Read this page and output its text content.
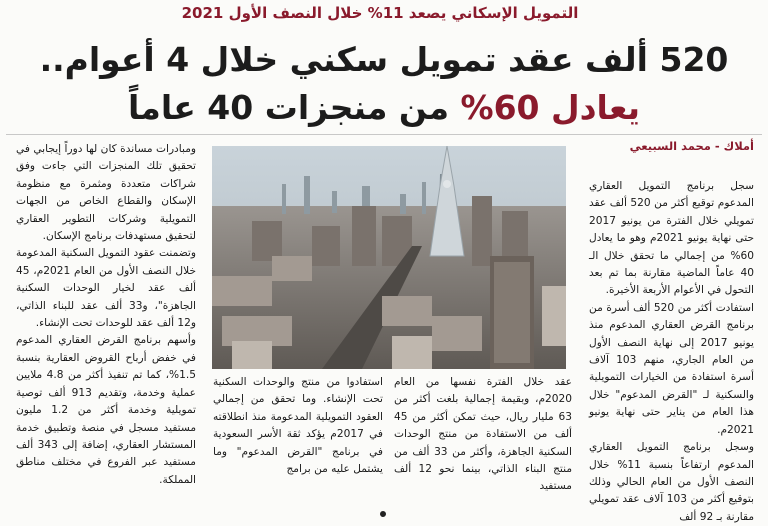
التمويل الإسكاني يصعد 11% خلال النصف الأول 2021
520 ألف عقد تمويل سكني خلال 4 أعوام..
يعادل 60% من منجزات 40 عاماً
أملاك - محمد السبيعي

سجل برنامج التمويل العقاري المدعوم توقيع أكثر من 520 ألف عقد تمويلي خلال الفترة من يونيو 2017 حتى نهاية يونيو 2021م وهو ما يعادل 60% من إجمالي ما تحقق خلال الـ 40 عاماً الماضية مقارنة بما تم بعد التحول في الأعوام الأربعة الأخيرة.

استفادت أكثر من 520 ألف أسرة من برنامج القرض العقاري المدعوم منذ يونيو 2017 إلى نهاية النصف الأول من العام الجاري، منهم 103 آلاف أسرة استفادة من الخيارات التمويلية والسكنية لـ "القرض المدعوم" خلال هذا العام من يناير حتى نهاية يونيو 2021م.

وسجل برنامج التمويل العقاري المدعوم ارتفاعاً بنسبة 11% خلال النصف الأول من العام الحالي وذلك بتوقيع أكثر من 103 آلاف عقد تمويلي مقارنة بـ 92 ألف

عقد خلال الفترة نفسها من العام 2020م، وبقيمة إجمالية بلغت أكثر من 63 مليار ريال، حيث تمكن أكثر من 45 ألف من الاستفادة من منتج الوحدات السكنية الجاهزة، وأكثر من 33 ألف من منتج البناء الذاتي، بينما نحو 12 ألف مستفيد

استفادوا من منتج والوحدات السكنية تحت الإنشاء. وما تحقق من إجمالي العقود التمويلية المدعومة منذ انطلاقته في 2017م يؤكد ثقة الأسر السعودية في برنامج "القرض المدعوم" وما يشتمل عليه من برامج

ومبادرات مساندة كان لها دوراً إيجابي في تحقيق تلك المنجزات التي جاءت وفق شراكات متعددة ومثمرة مع منظومة الإسكان والقطاع الخاص من الجهات التمويلية وشركات التطوير العقاري لتحقيق مستهدفات برنامج الإسكان.

وتضمنت عقود التمويل السكنية المدعومة خلال النصف الأول من العام 2021م، 45 ألف عقد لخيار الوحدات السكنية الجاهزة"، و33 ألف عقد للبناء الذاتي، و12 ألف عقد للوحدات تحت الإنشاء.

وأسهم برنامج القرض العقاري المدعوم في خفض أرباح القروض العقارية بنسبة 1.5%، كما تم تنفيذ أكثر من 4.8 ملايين عملية وخدمة، وتقديم 913 ألف توصية تمويلية وخدمة أكثر من 1.2 مليون مستفيد مسجل في منصة وتطبيق خدمة المستشار العقاري، إضافة إلى 343 ألف مستفيد عبر الفروع في مختلف مناطق المملكة.
